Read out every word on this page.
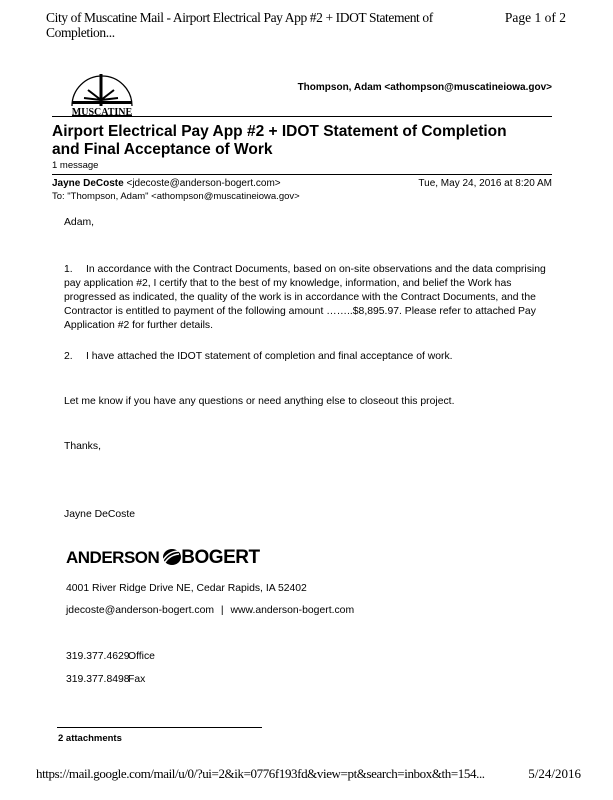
City of Muscatine Mail - Airport Electrical Pay App #2 + IDOT Statement of Completion...
Page 1 of 2
MUSCATINE
Thompson, Adam <athompson@muscatineiowa.gov>
Airport Electrical Pay App #2 + IDOT Statement of Completion and Final Acceptance of Work
1 message
Jayne DeCoste <jdecoste@anderson-bogert.com>	Tue, May 24, 2016 at 8:20 AM
To: "Thompson, Adam" <athompson@muscatineiowa.gov>
Adam,
1. In accordance with the Contract Documents, based on on-site observations and the data comprising pay application #2, I certify that to the best of my knowledge, information, and belief the Work has progressed as indicated, the quality of the work is in accordance with the Contract Documents, and the Contractor is entitled to payment of the following amount ……..$8,895.97. Please refer to attached Pay Application #2 for further details.
2. I have attached the IDOT statement of completion and final acceptance of work.
Let me know if you have any questions or need anything else to closeout this project.
Thanks,
Jayne DeCoste
ANDERSON BOGERT
4001 River Ridge Drive NE, Cedar Rapids, IA 52402
jdecoste@anderson-bogert.com | www.anderson-bogert.com
319.377.4629Office
319.377.8498Fax
2 attachments
https://mail.google.com/mail/u/0/?ui=2&ik=0776f193fd&view=pt&search=inbox&th=154...	5/24/2016
